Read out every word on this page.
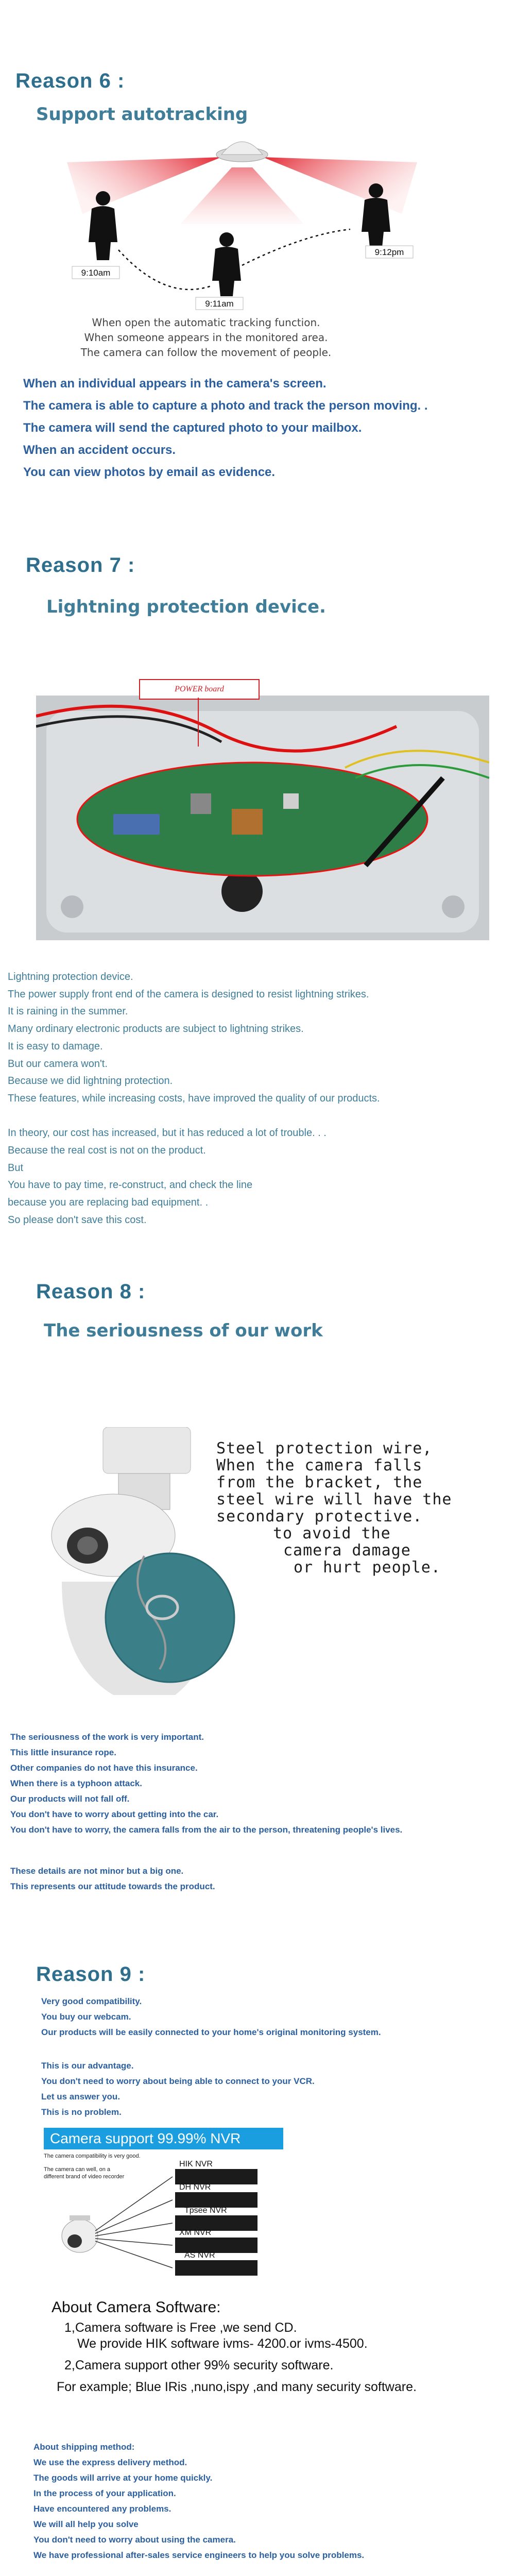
Reason 6 :
Support autotracking
9:10am
9:11am
9:12pm
When open the automatic tracking function.
When someone appears in the monitored area.
The camera can follow the movement of people.
When an individual appears in the camera's screen.
The camera is able to capture a photo and track the person moving. .
The camera will send the captured photo to your mailbox.
When an accident occurs.
You can view photos by email as evidence.
Reason 7 :
Lightning protection device.
POWER board
Lightning protection device.
The power supply front end of the camera is designed to resist lightning strikes.
It is raining in the summer.
Many ordinary electronic products are subject to lightning strikes.
It is easy to damage.
But our camera won't.
Because we did lightning protection.
These features, while increasing costs, have improved the quality of our products.
In theory, our cost has increased, but it has reduced a lot of trouble. . .
Because the real cost is not on the product.
But
You have to pay time, re-construct, and check the line
because you are replacing bad equipment. .
So please don't save this cost.
Reason 8 :
The seriousness of our work
Steel protection wire,
When the camera falls
from the bracket, the
steel wire will have the
secondary protective.
to avoid the
camera damage
or hurt people.
The seriousness of the work is very important.
This little insurance rope.
Other companies do not have this insurance.
When there is a typhoon attack.
Our products will not fall off.
You don't have to worry about getting into the car.
You don't have to worry, the camera falls from the air to the person, threatening people's lives.
These details are not minor but a big one.
This represents our attitude towards the product.
Reason 9 :
Very good compatibility.
You buy our webcam.
Our products will be easily connected to your home's original monitoring system.
This is our advantage.
You don't need to worry about being able to connect to your VCR.
Let us answer you.
This is no problem.
Camera support 99.99% NVR
The camera compatibility is very good.
The camera can well, on a
different brand of video recorder
HIK NVR
DH NVR
Tpsee NVR
XM NVR
AS NVR
About Camera Software:
1,Camera software is Free ,we send CD.
We provide HIK software ivms- 4200.or ivms-4500.
2,Camera support other 99% security software.
For example; Blue IRis ,nuno,ispy ,and many security software.
About shipping method:
We use the express delivery method.
The goods will arrive at your home quickly.
In the process of your application.
Have encountered any problems.
We will all help you solve
You don't need to worry about using the camera.
We have professional after-sales service engineers to help you solve problems.
